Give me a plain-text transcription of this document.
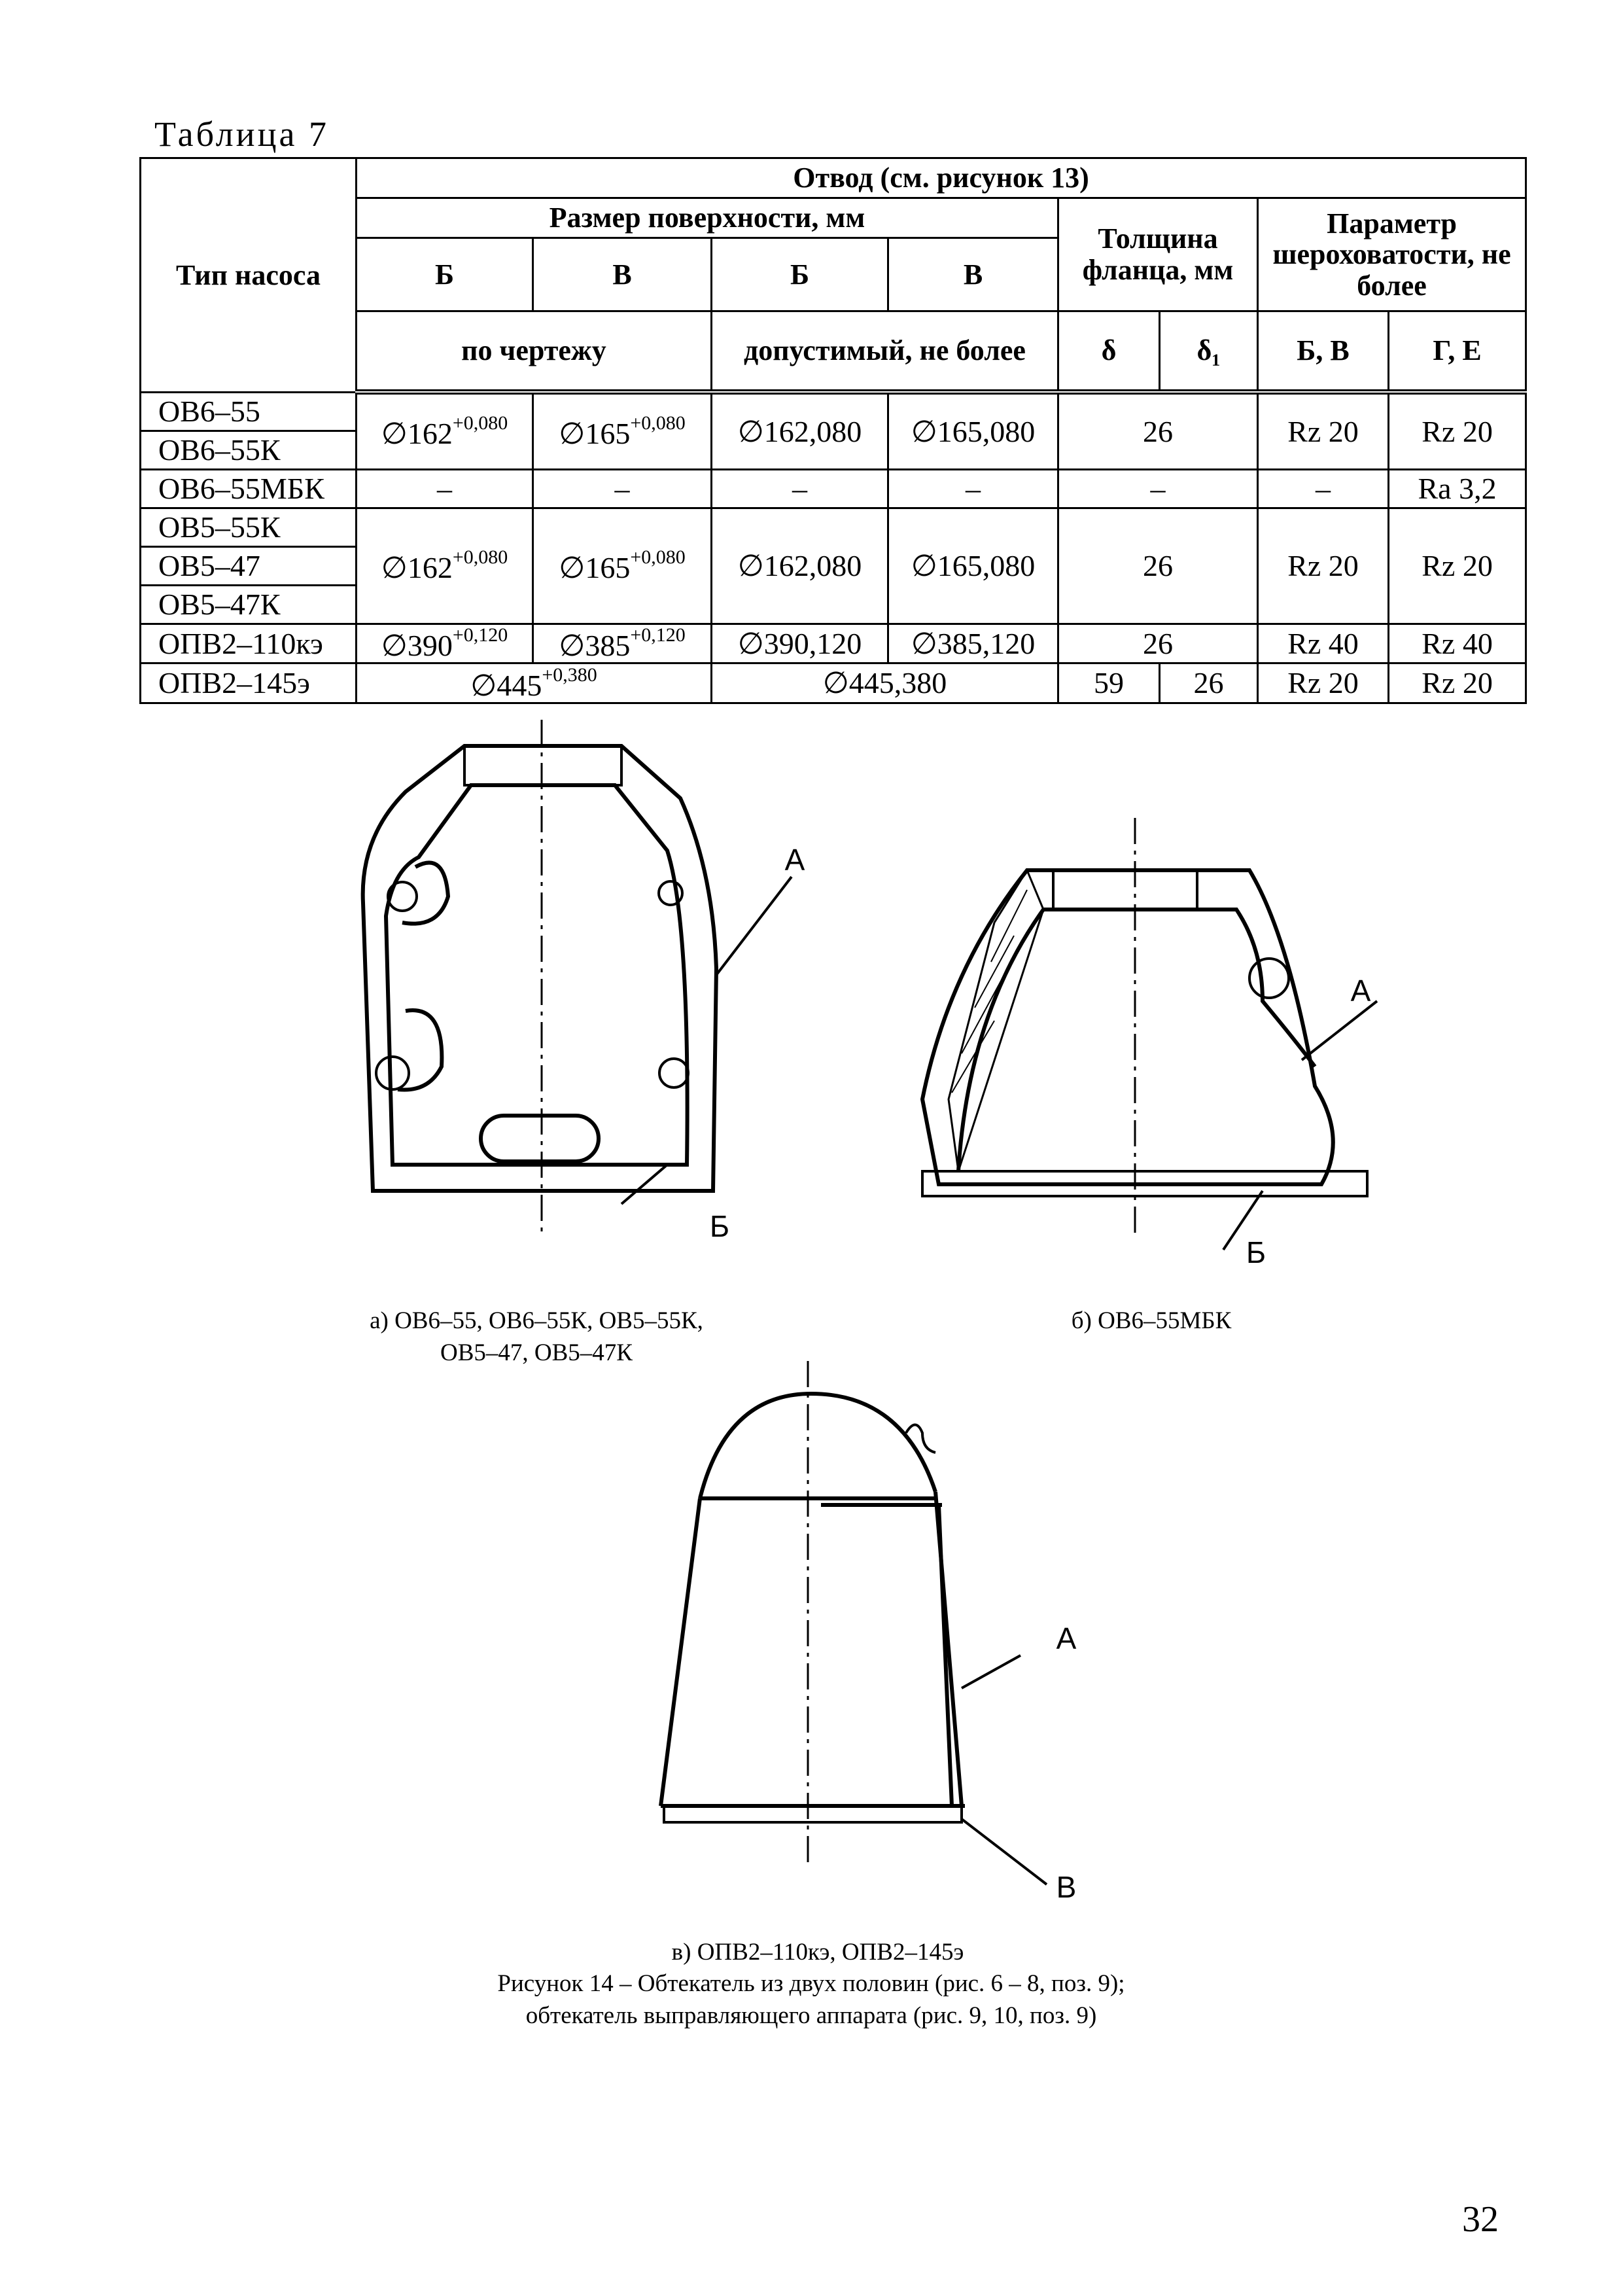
Таблица 7
Тип насоса	Отвод (см. рисунок 13)							
	Размер поверхности, мм				Толщина фланца, мм		Параметр шероховатости, не более	
	Б	В	Б	В				
	по чертежу		допустимый, не более		δ	δ₁	Б, В	Г, Е
ОВ6–55	$\emptyset 162^{+0,080}$	$\emptyset 165^{+0,080}$	∅162,080	∅165,080	26		Rz 20	Rz 20
ОВ6–55К								
ОВ6–55МБК	–	–	–	–	–		–	Ra 3,2
ОВ5–55К	$\emptyset 162^{+0,080}$	$\emptyset 165^{+0,080}$	∅162,080	∅165,080	26		Rz 20	Rz 20
ОВ5–47								
ОВ5–47К								
ОПВ2–110кэ	$\emptyset 390^{+0,120}$	$\emptyset 385^{+0,120}$	∅390,120	∅385,120	26		Rz 40	Rz 40
ОПВ2–145э	$\emptyset 445^{+0,380}$		∅445,380		59	26	Rz 20	Rz 20
А
Б
А
Б
а) ОВ6–55, ОВ6–55К, ОВ5–55К,
ОВ5–47, ОВ5–47К
б) ОВ6–55МБК
А
В
в) ОПВ2–110кэ, ОПВ2–145э
Рисунок 14 – Обтекатель из двух половин (рис. 6 – 8, поз. 9);
обтекатель выправляющего аппарата (рис. 9, 10, поз. 9)
32
